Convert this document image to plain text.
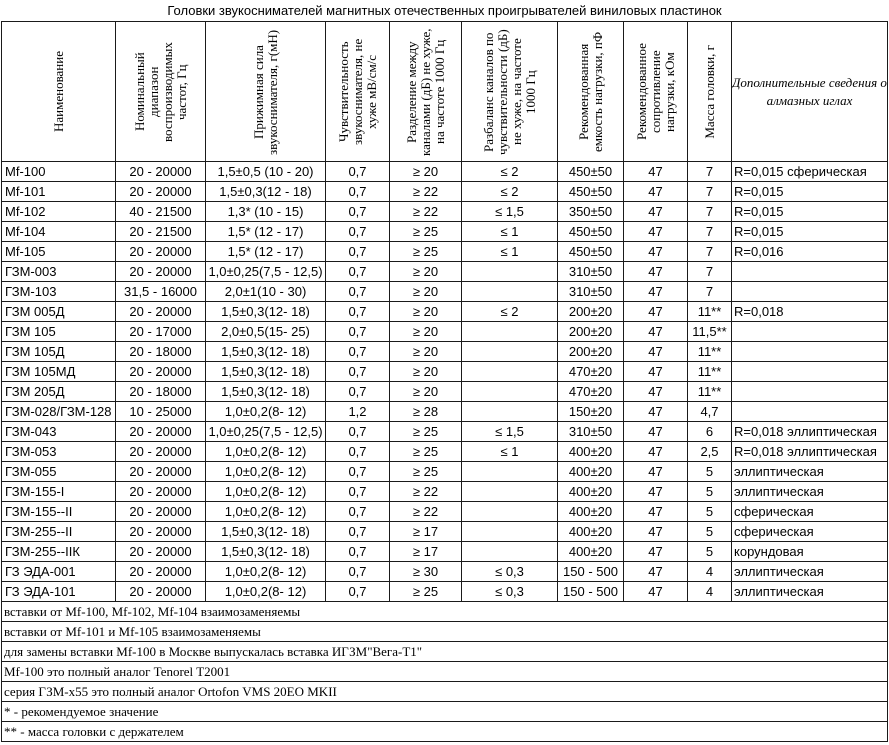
Головки звукоснимателей магнитных отечественных проигрывателей виниловых пластинок
Наименование	Номинальный диапазон воспроизводимых частот, Гц	Прижимная сила звукоснимателя, г(мН)	Чувствительность звукоснимателя, не хуже мВ/см/с	Разделение между каналами (дБ) не хуже, на частоте 1000 Гц	Разбаланс каналов по чувствительности (дБ) не хуже, на частоте 1000 Гц	Рекомендованная емкость нагрузки, пФ	Рекомендованное сопротивление нагрузки, кОм	Масса головки, г	Дополнительные сведения о алмазных иглах

Mf-100	20 - 20000	1,5±0,5 (10 - 20)	0,7	≥ 20	≤ 2	450±50	47	7	R=0,015 сферическая
Mf-101	20 - 20000	1,5±0,3(12 - 18)	0,7	≥ 22	≤ 2	450±50	47	7	R=0,015
Mf-102	40 - 21500	1,3* (10 - 15)	0,7	≥ 22	≤ 1,5	350±50	47	7	R=0,015
Mf-104	20 - 21500	1,5* (12 - 17)	0,7	≥ 25	≤ 1	450±50	47	7	R=0,015
Mf-105	20 - 20000	1,5* (12 - 17)	0,7	≥ 25	≤ 1	450±50	47	7	R=0,016
ГЗМ-003	20 - 20000	1,0±0,25(7,5 - 12,5)	0,7	≥ 20		310±50	47	7	
ГЗМ-103	31,5 - 16000	2,0±1(10 - 30)	0,7	≥ 20		310±50	47	7	
ГЗМ 005Д	20 - 20000	1,5±0,3(12- 18)	0,7	≥ 20	≤ 2	200±20	47	11**	R=0,018
ГЗМ 105	20 - 17000	2,0±0,5(15- 25)	0,7	≥ 20		200±20	47	11,5**	
ГЗМ 105Д	20 - 18000	1,5±0,3(12- 18)	0,7	≥ 20		200±20	47	11**	
ГЗМ 105МД	20 - 20000	1,5±0,3(12- 18)	0,7	≥ 20		470±20	47	11**	
ГЗМ 205Д	20 - 18000	1,5±0,3(12- 18)	0,7	≥ 20		470±20	47	11**	
ГЗМ-028/ГЗМ-128	10 - 25000	1,0±0,2(8- 12)	1,2	≥ 28		150±20	47	4,7	
ГЗМ-043	20 - 20000	1,0±0,25(7,5 - 12,5)	0,7	≥ 25	≤ 1,5	310±50	47	6	R=0,018 эллиптическая
ГЗМ-053	20 - 20000	1,0±0,2(8- 12)	0,7	≥ 25	≤ 1	400±20	47	2,5	R=0,018 эллиптическая
ГЗМ-055	20 - 20000	1,0±0,2(8- 12)	0,7	≥ 25		400±20	47	5	эллиптическая
ГЗМ-155-I	20 - 20000	1,0±0,2(8- 12)	0,7	≥ 22		400±20	47	5	эллиптическая
ГЗМ-155--II	20 - 20000	1,0±0,2(8- 12)	0,7	≥ 22		400±20	47	5	сферическая
ГЗМ-255--II	20 - 20000	1,5±0,3(12- 18)	0,7	≥ 17		400±20	47	5	сферическая
ГЗМ-255--IIК	20 - 20000	1,5±0,3(12- 18)	0,7	≥ 17		400±20	47	5	корундовая
ГЗ ЭДА-001	20 - 20000	1,0±0,2(8- 12)	0,7	≥ 30	≤ 0,3	150 - 500	47	4	эллиптическая
ГЗ ЭДА-101	20 - 20000	1,0±0,2(8- 12)	0,7	≥ 25	≤ 0,3	150 - 500	47	4	эллиптическая
вставки от Mf-100, Mf-102, Mf-104 взаимозаменяемы									
вставки от Mf-101 и Mf-105 взаимозаменяемы									
для замены вставки Mf-100 в Москве выпускалась вставка ИГЗМ"Вега-Т1"									
Mf-100 это полный аналог Tenorel T2001									
серия ГЗМ-х55 это полный аналог Ortofon VMS 20EO MKII									
* - рекомендуемое значение									
** - масса головки с держателем									
